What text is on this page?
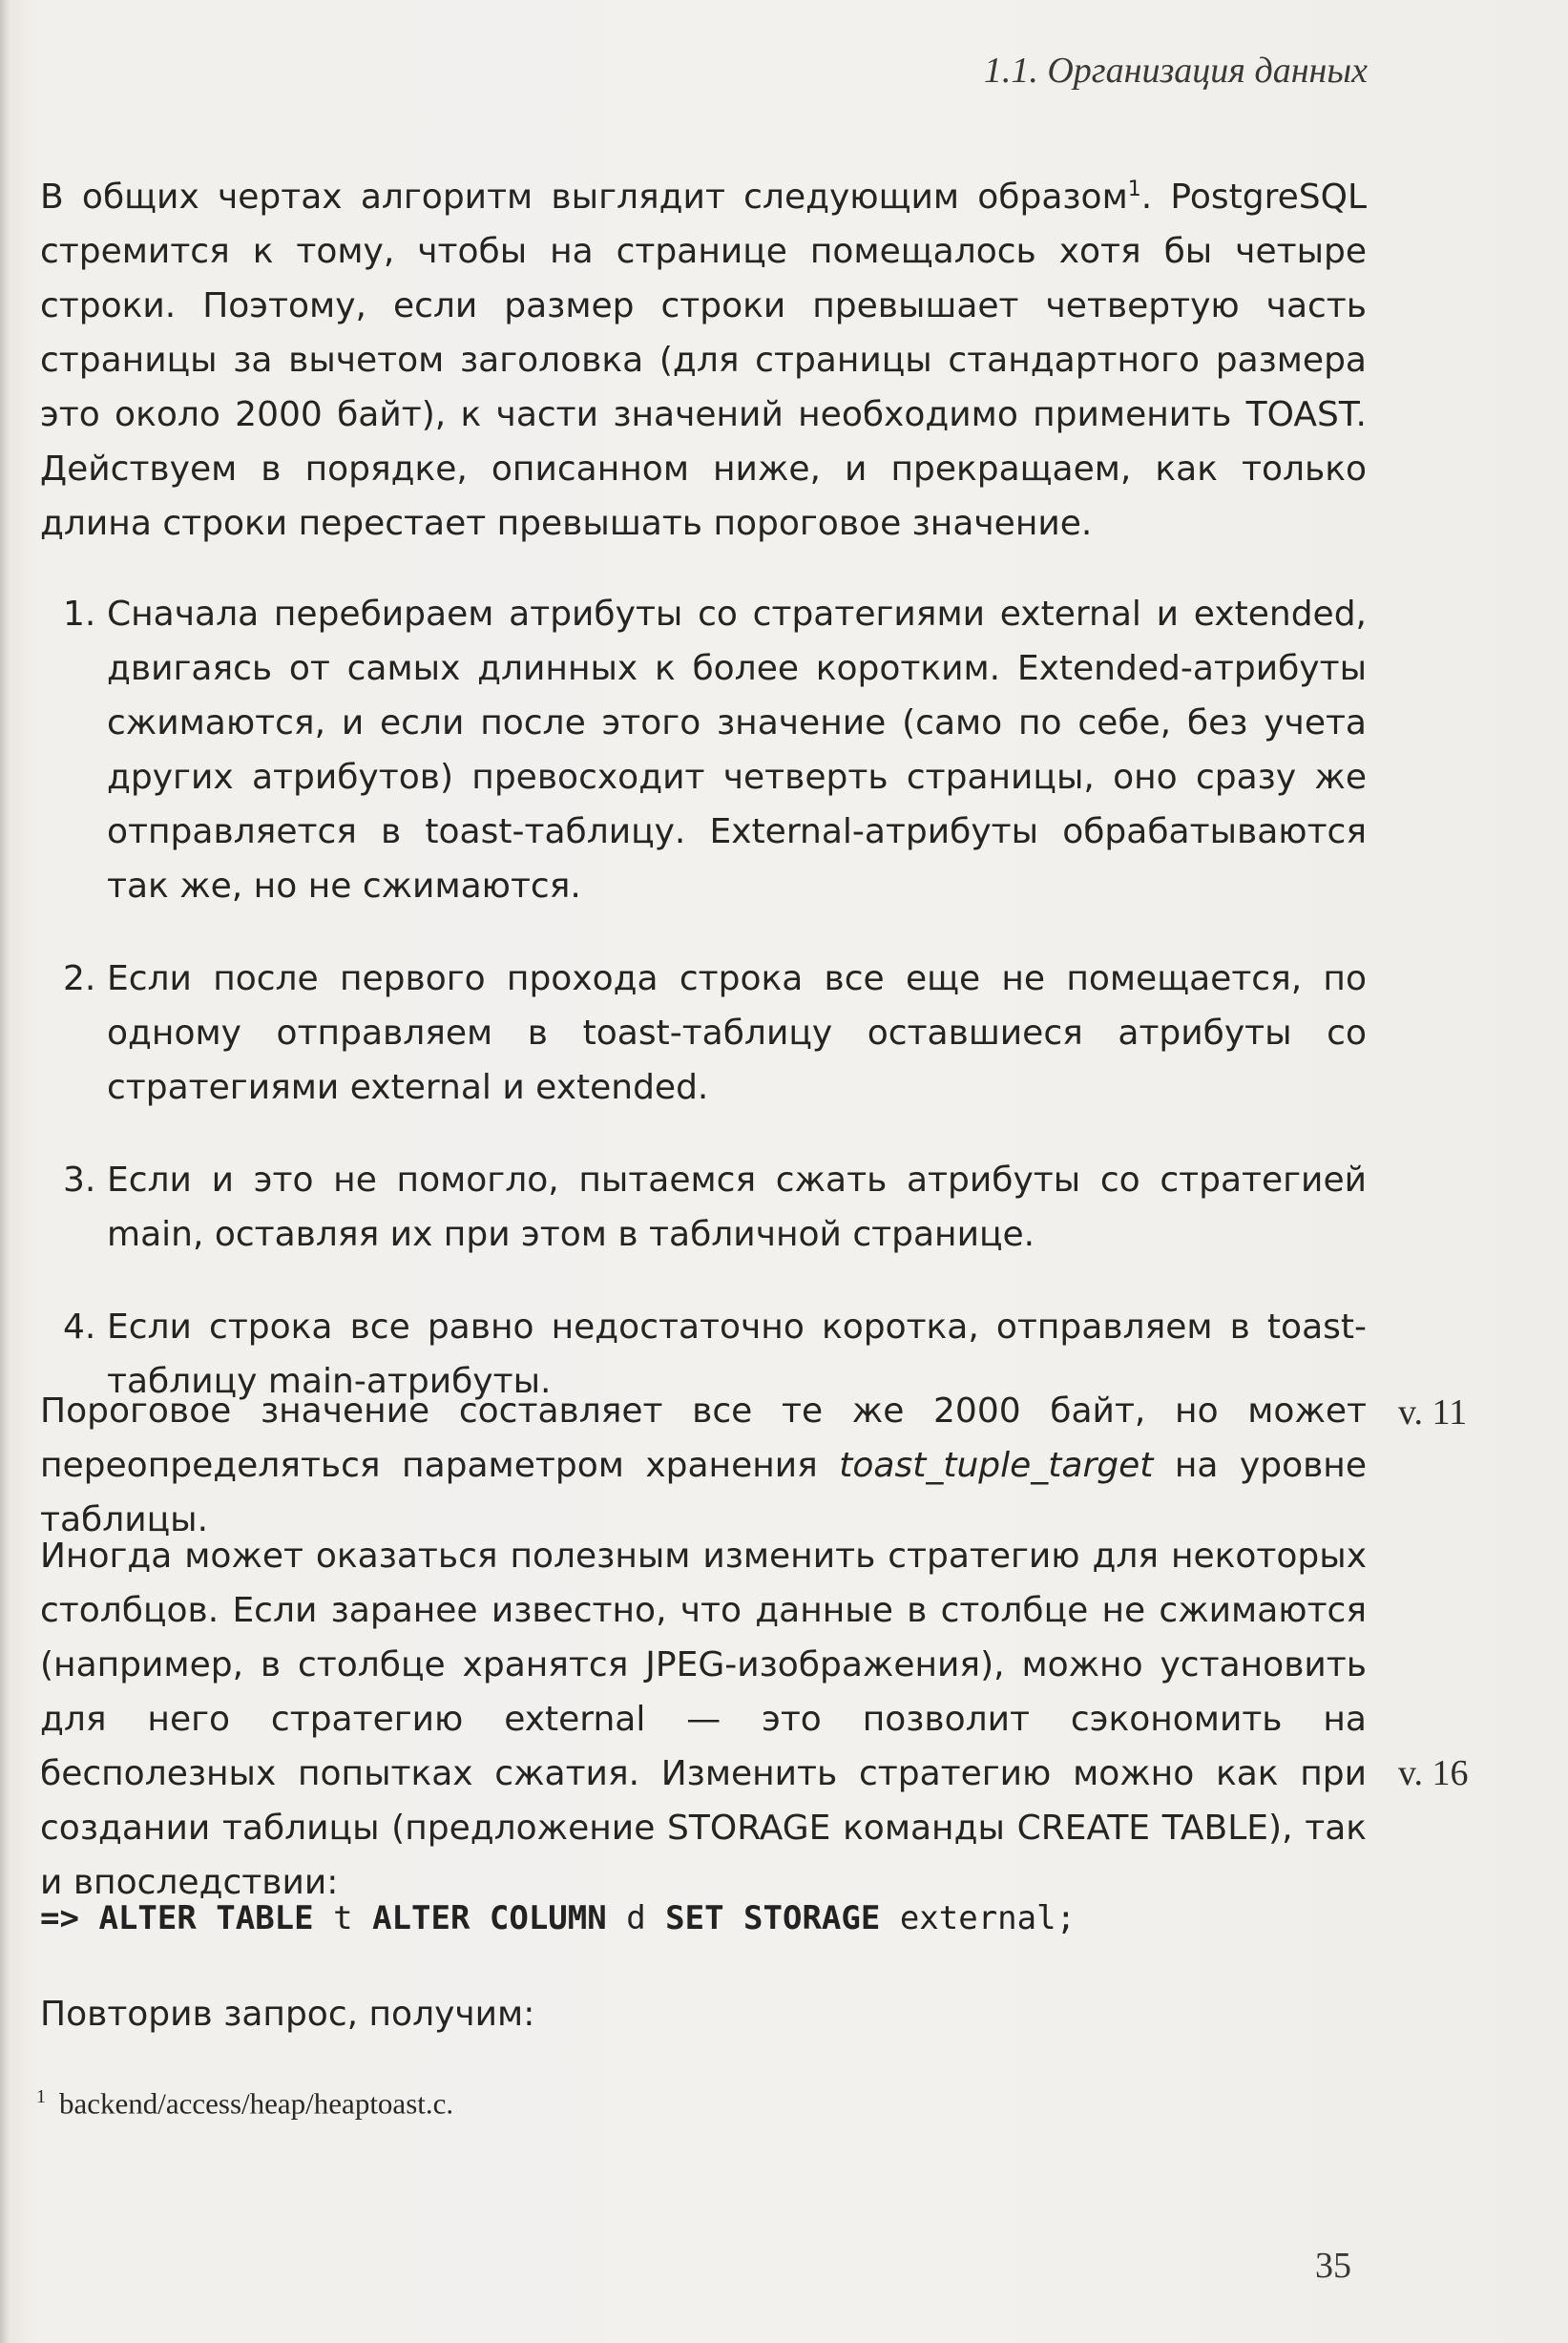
1.1. Организация данных
В общих чертах алгоритм выглядит следующим образом$^1$. PostgreSQL стремится к тому, чтобы на странице помещалось хотя бы четыре строки. Поэтому, если размер строки превышает четвертую часть страницы за вычетом заголовка (для страницы стандартного размера это около 2000 байт), к части значений необходимо применить TOAST. Действуем в порядке, описанном ниже, и прекращаем, как только длина строки перестает превышать пороговое значение.
1. Сначала перебираем атрибуты со стратегиями external и extended, двигаясь от самых длинных к более коротким. Extended-атрибуты сжимаются, и если после этого значение (само по себе, без учета других атрибутов) превосходит четверть страницы, оно сразу же отправляется в toast-таблицу. External-атрибуты обрабатываются так же, но не сжимаются.
2. Если после первого прохода строка все еще не помещается, по одному отправляем в toast-таблицу оставшиеся атрибуты со стратегиями external и extended.
3. Если и это не помогло, пытаемся сжать атрибуты со стратегией main, оставляя их при этом в табличной странице.
4. Если строка все равно недостаточно коротка, отправляем в toast-таблицу main-атрибуты.
Пороговое значение составляет все те же 2000 байт, но может переопределяться параметром хранения toast_tuple_target на уровне таблицы.
v. 11
Иногда может оказаться полезным изменить стратегию для некоторых столбцов. Если заранее известно, что данные в столбце не сжимаются (например, в столбце хранятся JPEG-изображения), можно установить для него стратегию external — это позволит сэкономить на бесполезных попытках сжатия. Изменить стратегию можно как при создании таблицы (предложение STORAGE команды CREATE TABLE), так и впоследствии:
v. 16
=> ALTER TABLE t ALTER COLUMN d SET STORAGE external;
Повторив запрос, получим:
$^1$ backend/access/heap/heaptoast.c.
35
